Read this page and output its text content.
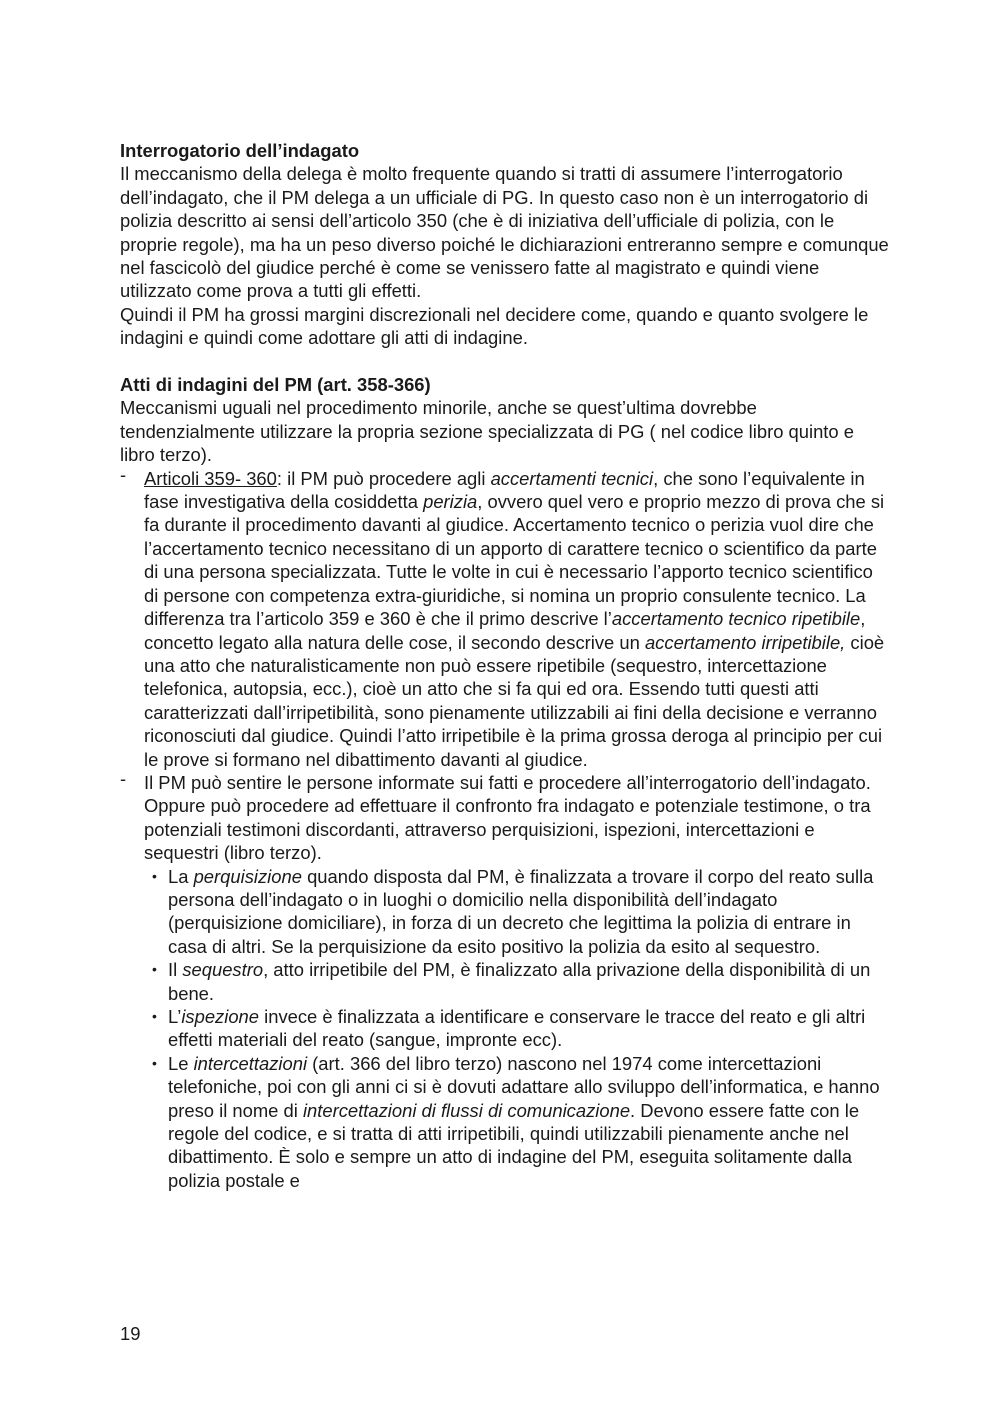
Interrogatorio dell’indagato

Il meccanismo della delega è molto frequente quando si tratti di assumere l’interrogatorio dell’indagato, che il PM delega a un ufficiale di PG. In questo caso non è un interrogatorio di polizia descritto ai sensi dell’articolo 350 (che è di iniziativa dell’ufficiale di polizia, con le proprie regole), ma ha un peso diverso poiché le dichiarazioni entreranno sempre e comunque nel fascicolò del giudice perché è come se venissero fatte al magistrato e quindi viene utilizzato come prova a tutti gli effetti.

Quindi il PM ha grossi margini discrezionali nel decidere come, quando e quanto svolgere le indagini e quindi come adottare gli atti di indagine.

Atti di indagini del PM (art. 358-366)

Meccanismi uguali nel procedimento minorile, anche se quest’ultima dovrebbe tendenzialmente utilizzare la propria sezione specializzata di PG ( nel codice libro quinto e libro terzo).

- Articoli 359- 360: il PM può procedere agli accertamenti tecnici, che sono l’equivalente in fase investigativa della cosiddetta perizia, ovvero quel vero e proprio mezzo di prova che si fa durante il procedimento davanti al giudice. Accertamento tecnico o perizia vuol dire che l’accertamento tecnico necessitano di un apporto di carattere tecnico o scientifico da parte di una persona specializzata. Tutte le volte in cui è necessario l’apporto tecnico scientifico di persone con competenza extra-giuridiche, si nomina un proprio consulente tecnico. La differenza tra l’articolo 359 e 360 è che il primo descrive l’accertamento tecnico ripetibile, concetto legato alla natura delle cose, il secondo descrive un accertamento irripetibile, cioè una atto che naturalisticamente non può essere ripetibile (sequestro, intercettazione telefonica, autopsia, ecc.), cioè un atto che si fa qui ed ora. Essendo tutti questi atti caratterizzati dall’irripetibilità, sono pienamente utilizzabili ai fini della decisione e verranno riconosciuti dal giudice. Quindi l’atto irripetibile è la prima grossa deroga al principio per cui le prove si formano nel dibattimento davanti al giudice.
- Il PM può sentire le persone informate sui fatti e procedere all’interrogatorio dell’indagato. Oppure può procedere ad effettuare il confronto fra indagato e potenziale testimone, o tra potenziali testimoni discordanti, attraverso perquisizioni, ispezioni, intercettazioni e sequestri (libro terzo).
• La perquisizione quando disposta dal PM, è finalizzata a trovare il corpo del reato sulla persona dell’indagato o in luoghi o domicilio nella disponibilità dell’indagato (perquisizione domiciliare), in forza di un decreto che legittima la polizia di entrare in casa di altri. Se la perquisizione da esito positivo la polizia da esito al sequestro.
• Il sequestro, atto irripetibile del PM, è finalizzato alla privazione della disponibilità di un bene.
• L’ispezione invece è finalizzata a identificare e conservare le tracce del reato e gli altri effetti materiali del reato (sangue, impronte ecc).
• Le intercettazioni (art. 366 del libro terzo) nascono nel 1974 come intercettazioni telefoniche, poi con gli anni ci si è dovuti adattare allo sviluppo dell’informatica, e hanno preso il nome di intercettazioni di flussi di comunicazione. Devono essere fatte con le regole del codice, e si tratta di atti irripetibili, quindi utilizzabili pienamente anche nel dibattimento. È solo e sempre un atto di indagine del PM, eseguita solitamente dalla polizia postale e
19
